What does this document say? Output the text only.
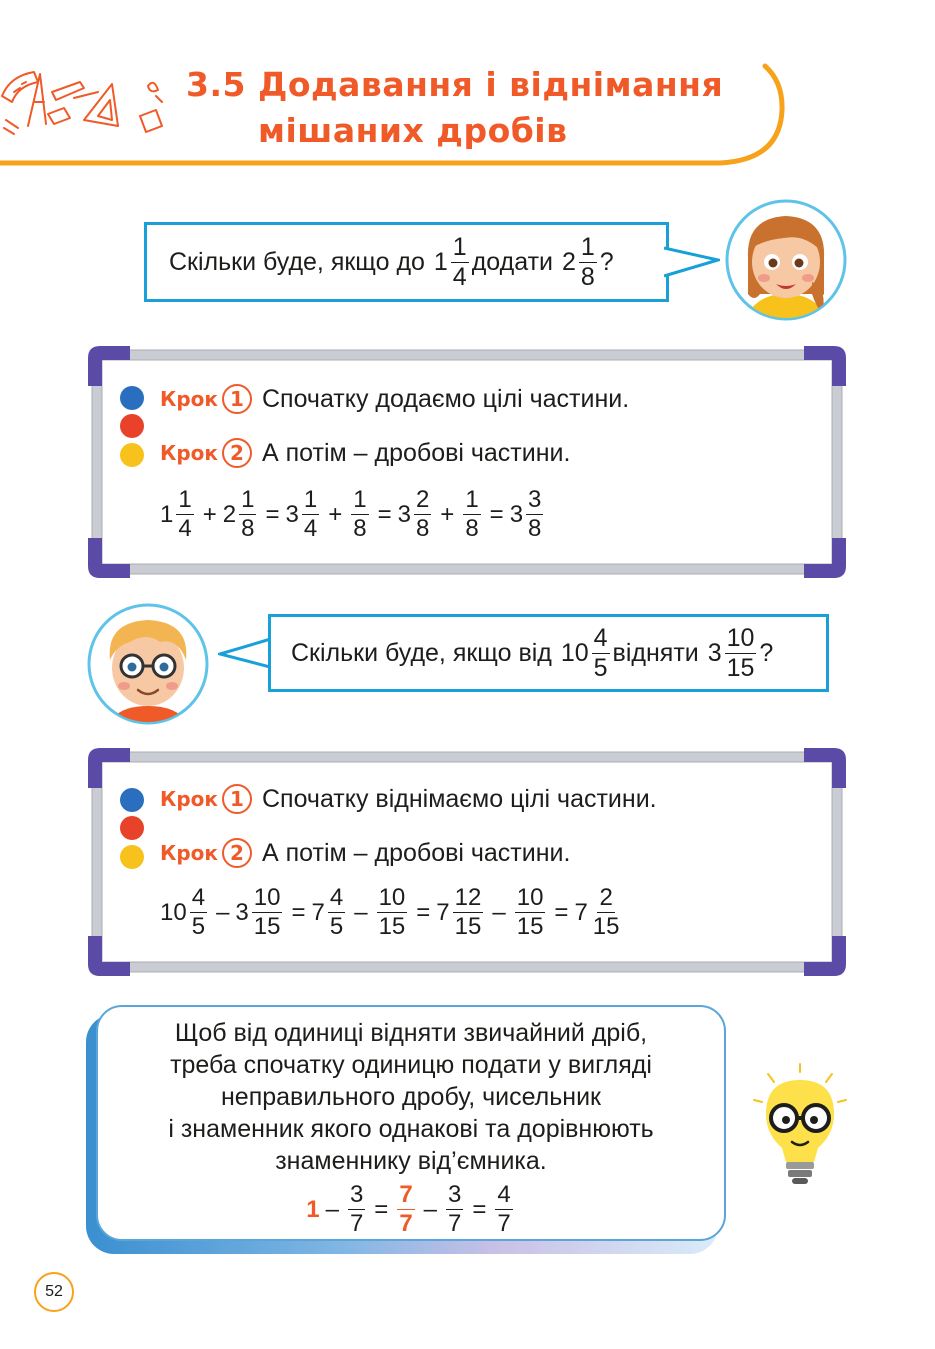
3.5 Додавання і віднімання
мішаних дробів
Скільки буде, якщо до
$1 \frac{1}{4}$ додати
$2 \frac{1}{8}$ ?
Крок 1 Спочатку додаємо цілі частини.
Крок 2 А потім – дробові частини.
$1 \frac{1}{4} + 2 \frac{1}{8} = 3 \frac{1}{4} + \frac{1}{8} = 3 \frac{2}{8} + \frac{1}{8} = 3 \frac{3}{8}$
Скільки буде, якщо від
$10 \frac{4}{5}$ відняти
$3 \frac{10}{15}$ ?
Крок 1 Спочатку віднімаємо цілі частини.
Крок 2 А потім – дробові частини.
$10 \frac{4}{5} - 3 \frac{10}{15} = 7 \frac{4}{5} - \frac{10}{15} = 7 \frac{12}{15} - \frac{10}{15} = 7 \frac{2}{15}$
Щоб від одиниці відняти звичайний дріб,
треба спочатку одиницю подати у вигляді
неправильного дробу, чисельник
і знаменник якого однакові та дорівнюють
знаменнику від’ємника.
$1 - \frac{3}{7} = \frac{7}{7} - \frac{3}{7} = \frac{4}{7}$
52
